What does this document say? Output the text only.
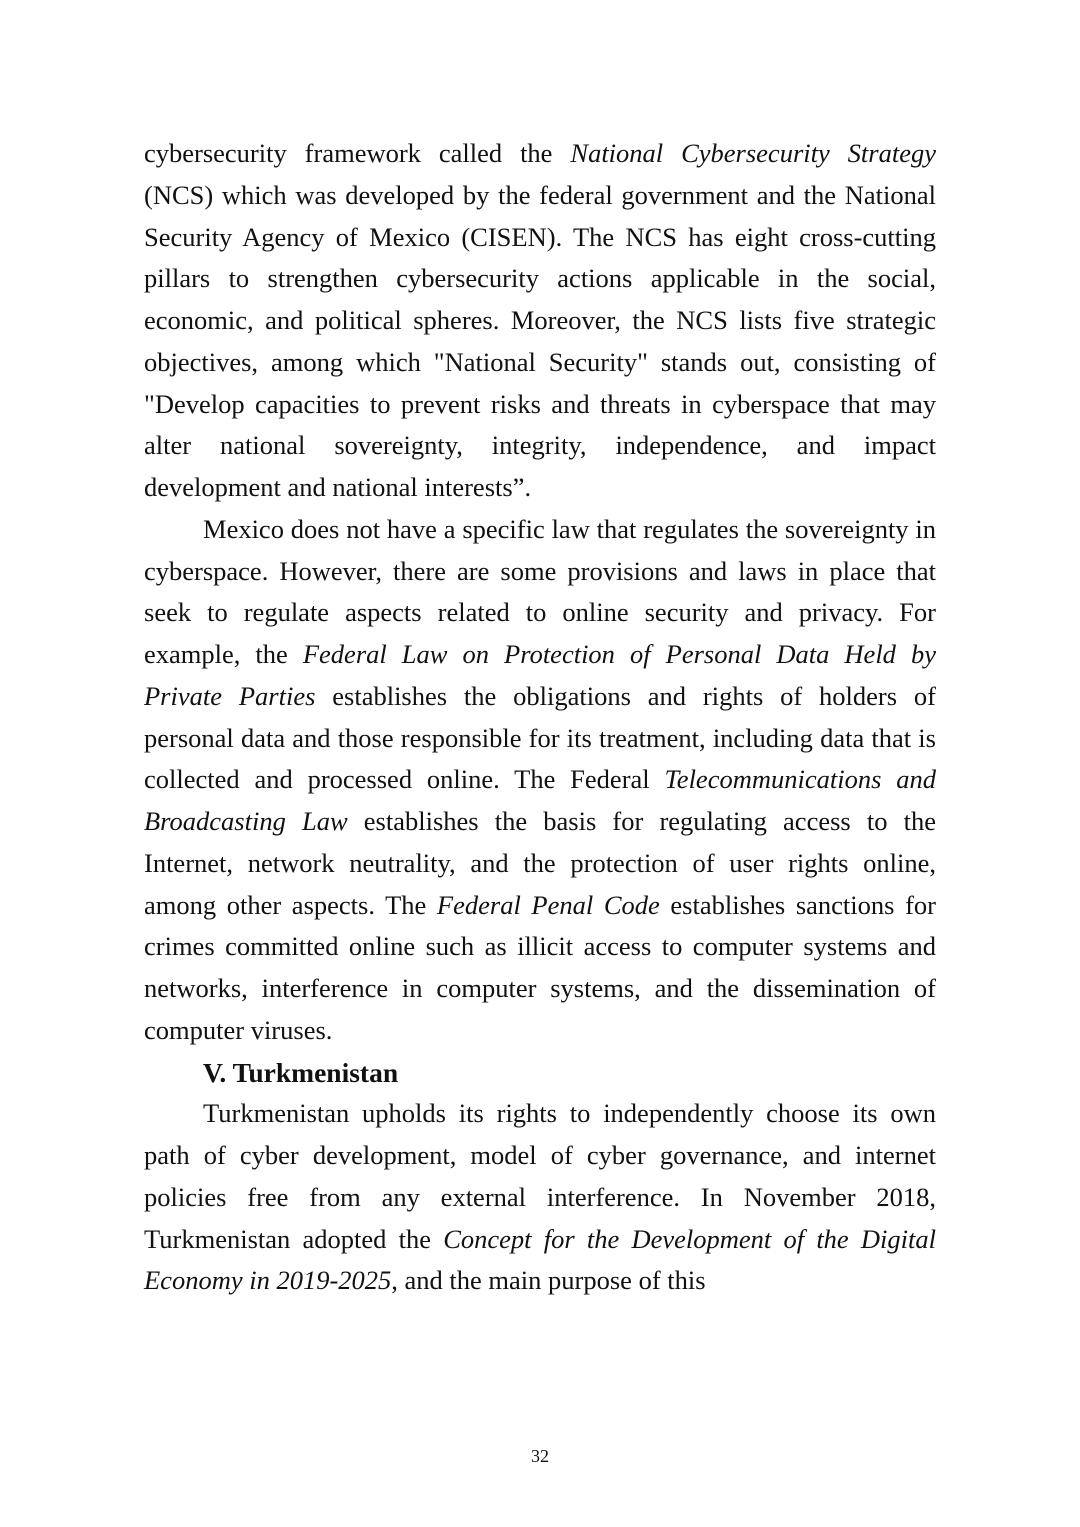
cybersecurity framework called the National Cybersecurity Strategy (NCS) which was developed by the federal government and the National Security Agency of Mexico (CISEN). The NCS has eight cross-cutting pillars to strengthen cybersecurity actions applicable in the social, economic, and political spheres. Moreover, the NCS lists five strategic objectives, among which "National Security" stands out, consisting of "Develop capacities to prevent risks and threats in cyberspace that may alter national sovereignty, integrity, independence, and impact development and national interests”.

Mexico does not have a specific law that regulates the sovereignty in cyberspace. However, there are some provisions and laws in place that seek to regulate aspects related to online security and privacy. For example, the Federal Law on Protection of Personal Data Held by Private Parties establishes the obligations and rights of holders of personal data and those responsible for its treatment, including data that is collected and processed online. The Federal Telecommunications and Broadcasting Law establishes the basis for regulating access to the Internet, network neutrality, and the protection of user rights online, among other aspects. The Federal Penal Code establishes sanctions for crimes committed online such as illicit access to computer systems and networks, interference in computer systems, and the dissemination of computer viruses.

V. Turkmenistan

Turkmenistan upholds its rights to independently choose its own path of cyber development, model of cyber governance, and internet policies free from any external interference. In November 2018, Turkmenistan adopted the Concept for the Development of the Digital Economy in 2019-2025, and the main purpose of this

32
